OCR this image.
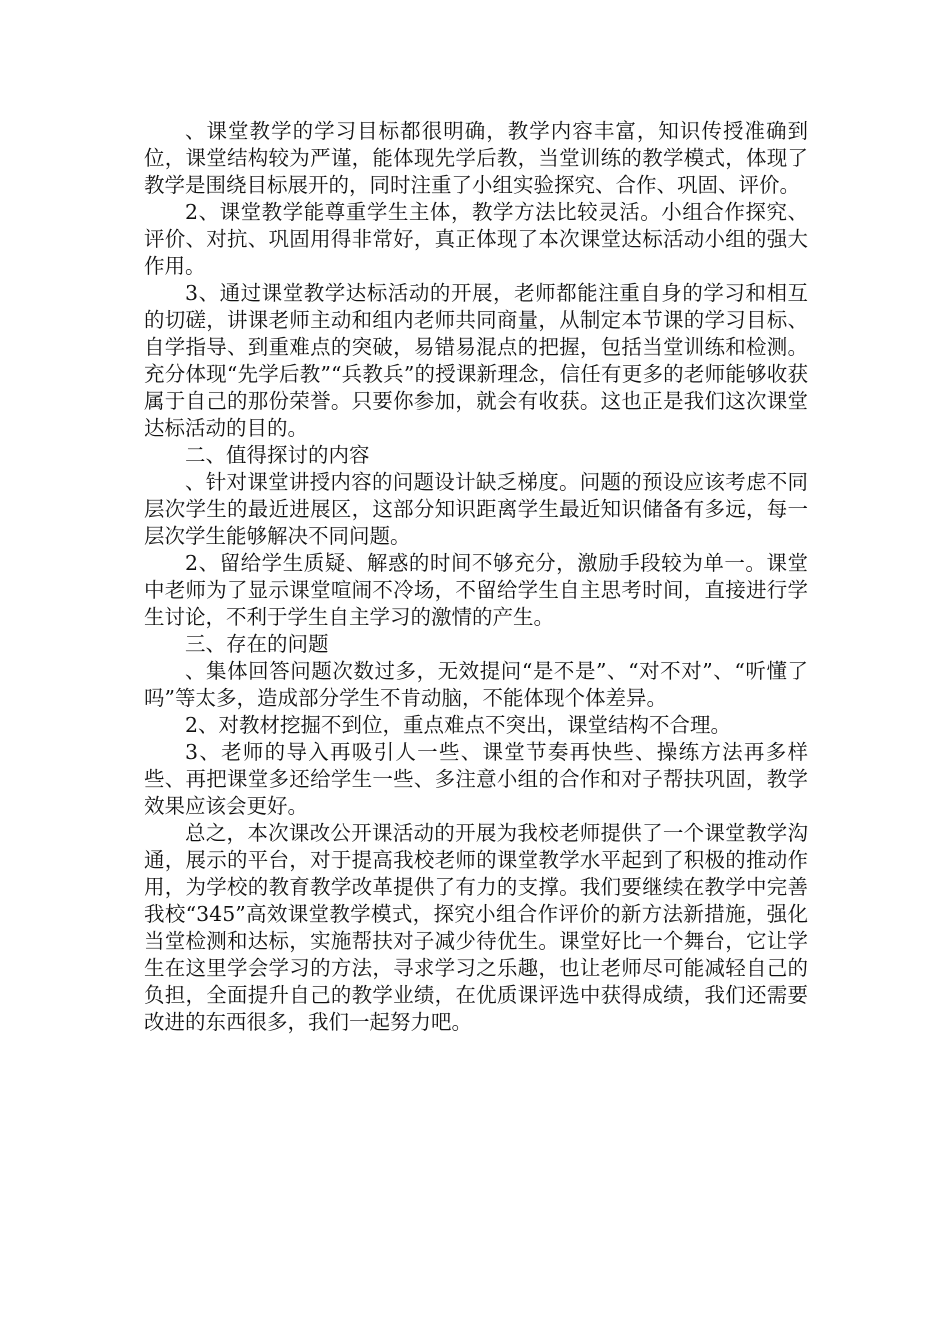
、课堂教学的学习目标都很明确，教学内容丰富，知识传授准确到位，课堂结构较为严谨，能体现先学后教，当堂训练的教学模式，体现了教学是围绕目标展开的，同时注重了小组实验探究、合作、巩固、评价。

2、课堂教学能尊重学生主体，教学方法比较灵活。小组合作探究、评价、对抗、巩固用得非常好，真正体现了本次课堂达标活动小组的强大作用。

3、通过课堂教学达标活动的开展，老师都能注重自身的学习和相互的切磋，讲课老师主动和组内老师共同商量，从制定本节课的学习目标、自学指导、到重难点的突破，易错易混点的把握，包括当堂训练和检测。充分体现“先学后教”“兵教兵”的授课新理念，信任有更多的老师能够收获属于自己的那份荣誉。只要你参加，就会有收获。这也正是我们这次课堂达标活动的目的。

二、值得探讨的内容

、针对课堂讲授内容的问题设计缺乏梯度。问题的预设应该考虑不同层次学生的最近进展区，这部分知识距离学生最近知识储备有多远，每一层次学生能够解决不同问题。

2、留给学生质疑、解惑的时间不够充分，激励手段较为单一。课堂中老师为了显示课堂喧闹不冷场，不留给学生自主思考时间，直接进行学生讨论，不利于学生自主学习的激情的产生。

三、存在的问题

、集体回答问题次数过多，无效提问“是不是”、“对不对”、“听懂了吗”等太多，造成部分学生不肯动脑，不能体现个体差异。

2、对教材挖掘不到位，重点难点不突出，课堂结构不合理。

3、老师的导入再吸引人一些、课堂节奏再快些、操练方法再多样些、再把课堂多还给学生一些、多注意小组的合作和对子帮扶巩固，教学效果应该会更好。

总之，本次课改公开课活动的开展为我校老师提供了一个课堂教学沟通，展示的平台，对于提高我校老师的课堂教学水平起到了积极的推动作用，为学校的教育教学改革提供了有力的支撑。我们要继续在教学中完善我校“345”高效课堂教学模式，探究小组合作评价的新方法新措施，强化当堂检测和达标，实施帮扶对子减少待优生。课堂好比一个舞台，它让学生在这里学会学习的方法，寻求学习之乐趣，也让老师尽可能减轻自己的负担，全面提升自己的教学业绩，在优质课评选中获得成绩，我们还需要改进的东西很多，我们一起努力吧。
